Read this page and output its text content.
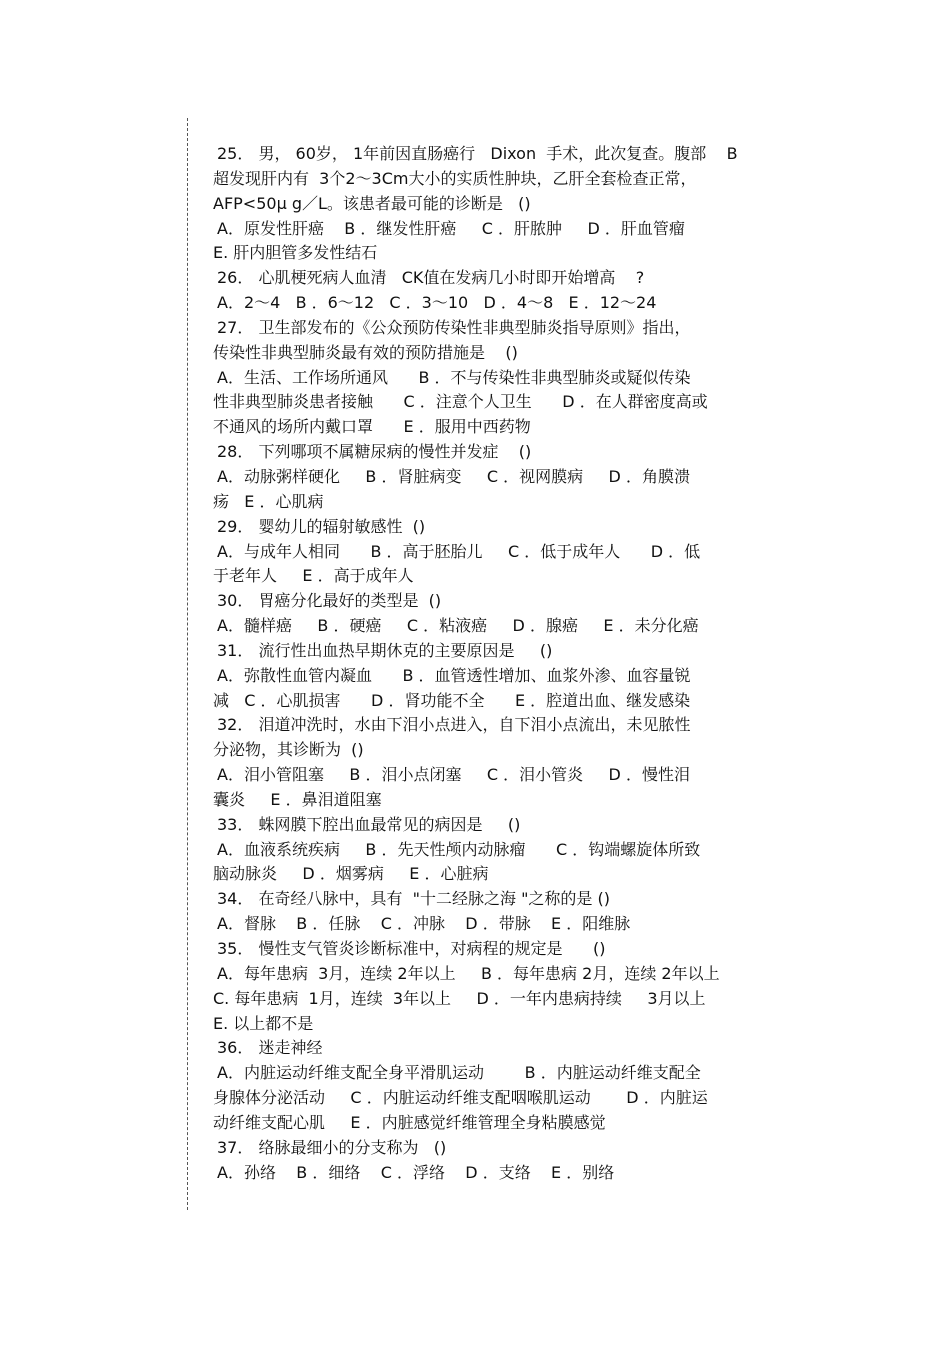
25． 男， 60岁， 1年前因直肠癌行   Dixon  手术，此次复查。腹部    B
超发现肝内有  3个2～3Cm大小的实质性肿块，乙肝全套检查正常，
AFP<50µ g／L。该患者最可能的诊断是   ()
A．原发性肝癌    B ．继发性肝癌     C ．肝脓肿     D ．肝血管瘤
E. 肝内胆管多发性结石
26． 心肌梗死病人血清   CK值在发病几小时即开始增高    ?
A．2～4   B ．6～12   C ．3～10   D ．4～8   E ．12～24
27． 卫生部发布的《公众预防传染性非典型肺炎指导原则》指出，
传染性非典型肺炎最有效的预防措施是    ()
A．生活、工作场所通风      B ．不与传染性非典型肺炎或疑似传染
性非典型肺炎患者接触      C ．注意个人卫生      D ．在人群密度高或
不通风的场所内戴口罩      E ．服用中西药物
28． 下列哪项不属糖尿病的慢性并发症    ()
A．动脉粥样硬化     B ．肾脏病变     C ．视网膜病     D ．角膜溃
疡   E ．心肌病
29． 婴幼儿的辐射敏感性  ()
A．与成年人相同      B ．高于胚胎儿     C ．低于成年人      D ．低
于老年人     E ．高于成年人
30． 胃癌分化最好的类型是  ()
A．髓样癌     B ．硬癌     C ．粘液癌     D ．腺癌     E ．未分化癌
31． 流行性出血热早期休克的主要原因是     ()
A．弥散性血管内凝血      B ．血管透性增加、血浆外渗、血容量锐
减   C ．心肌损害      D ．肾功能不全      E ．腔道出血、继发感染
32． 泪道冲洗时，水由下泪小点进入，自下泪小点流出，未见脓性
分泌物，其诊断为  ()
A．泪小管阻塞     B ．泪小点闭塞     C ．泪小管炎     D ．慢性泪
囊炎     E ．鼻泪道阻塞
33． 蛛网膜下腔出血最常见的病因是     ()
A．血液系统疾病     B ．先天性颅内动脉瘤      C ．钩端螺旋体所致
脑动脉炎     D ．烟雾病     E ．心脏病
34． 在奇经八脉中，具有  "十二经脉之海 "之称的是 ()
A．督脉    B ．任脉    C ．冲脉    D ．带脉    E ．阳维脉
35． 慢性支气管炎诊断标准中，对病程的规定是      ()
A．每年患病  3月，连续 2年以上     B ．每年患病 2月，连续 2年以上
C. 每年患病  1月，连续  3年以上     D ．一年内患病持续     3月以上
E. 以上都不是
36． 迷走神经
A．内脏运动纤维支配全身平滑肌运动        B ．内脏运动纤维支配全
身腺体分泌活动     C ．内脏运动纤维支配咽喉肌运动       D ．内脏运
动纤维支配心肌     E ．内脏感觉纤维管理全身粘膜感觉
37． 络脉最细小的分支称为   ()
A．孙络    B ．细络    C ．浮络    D ．支络    E ．别络
